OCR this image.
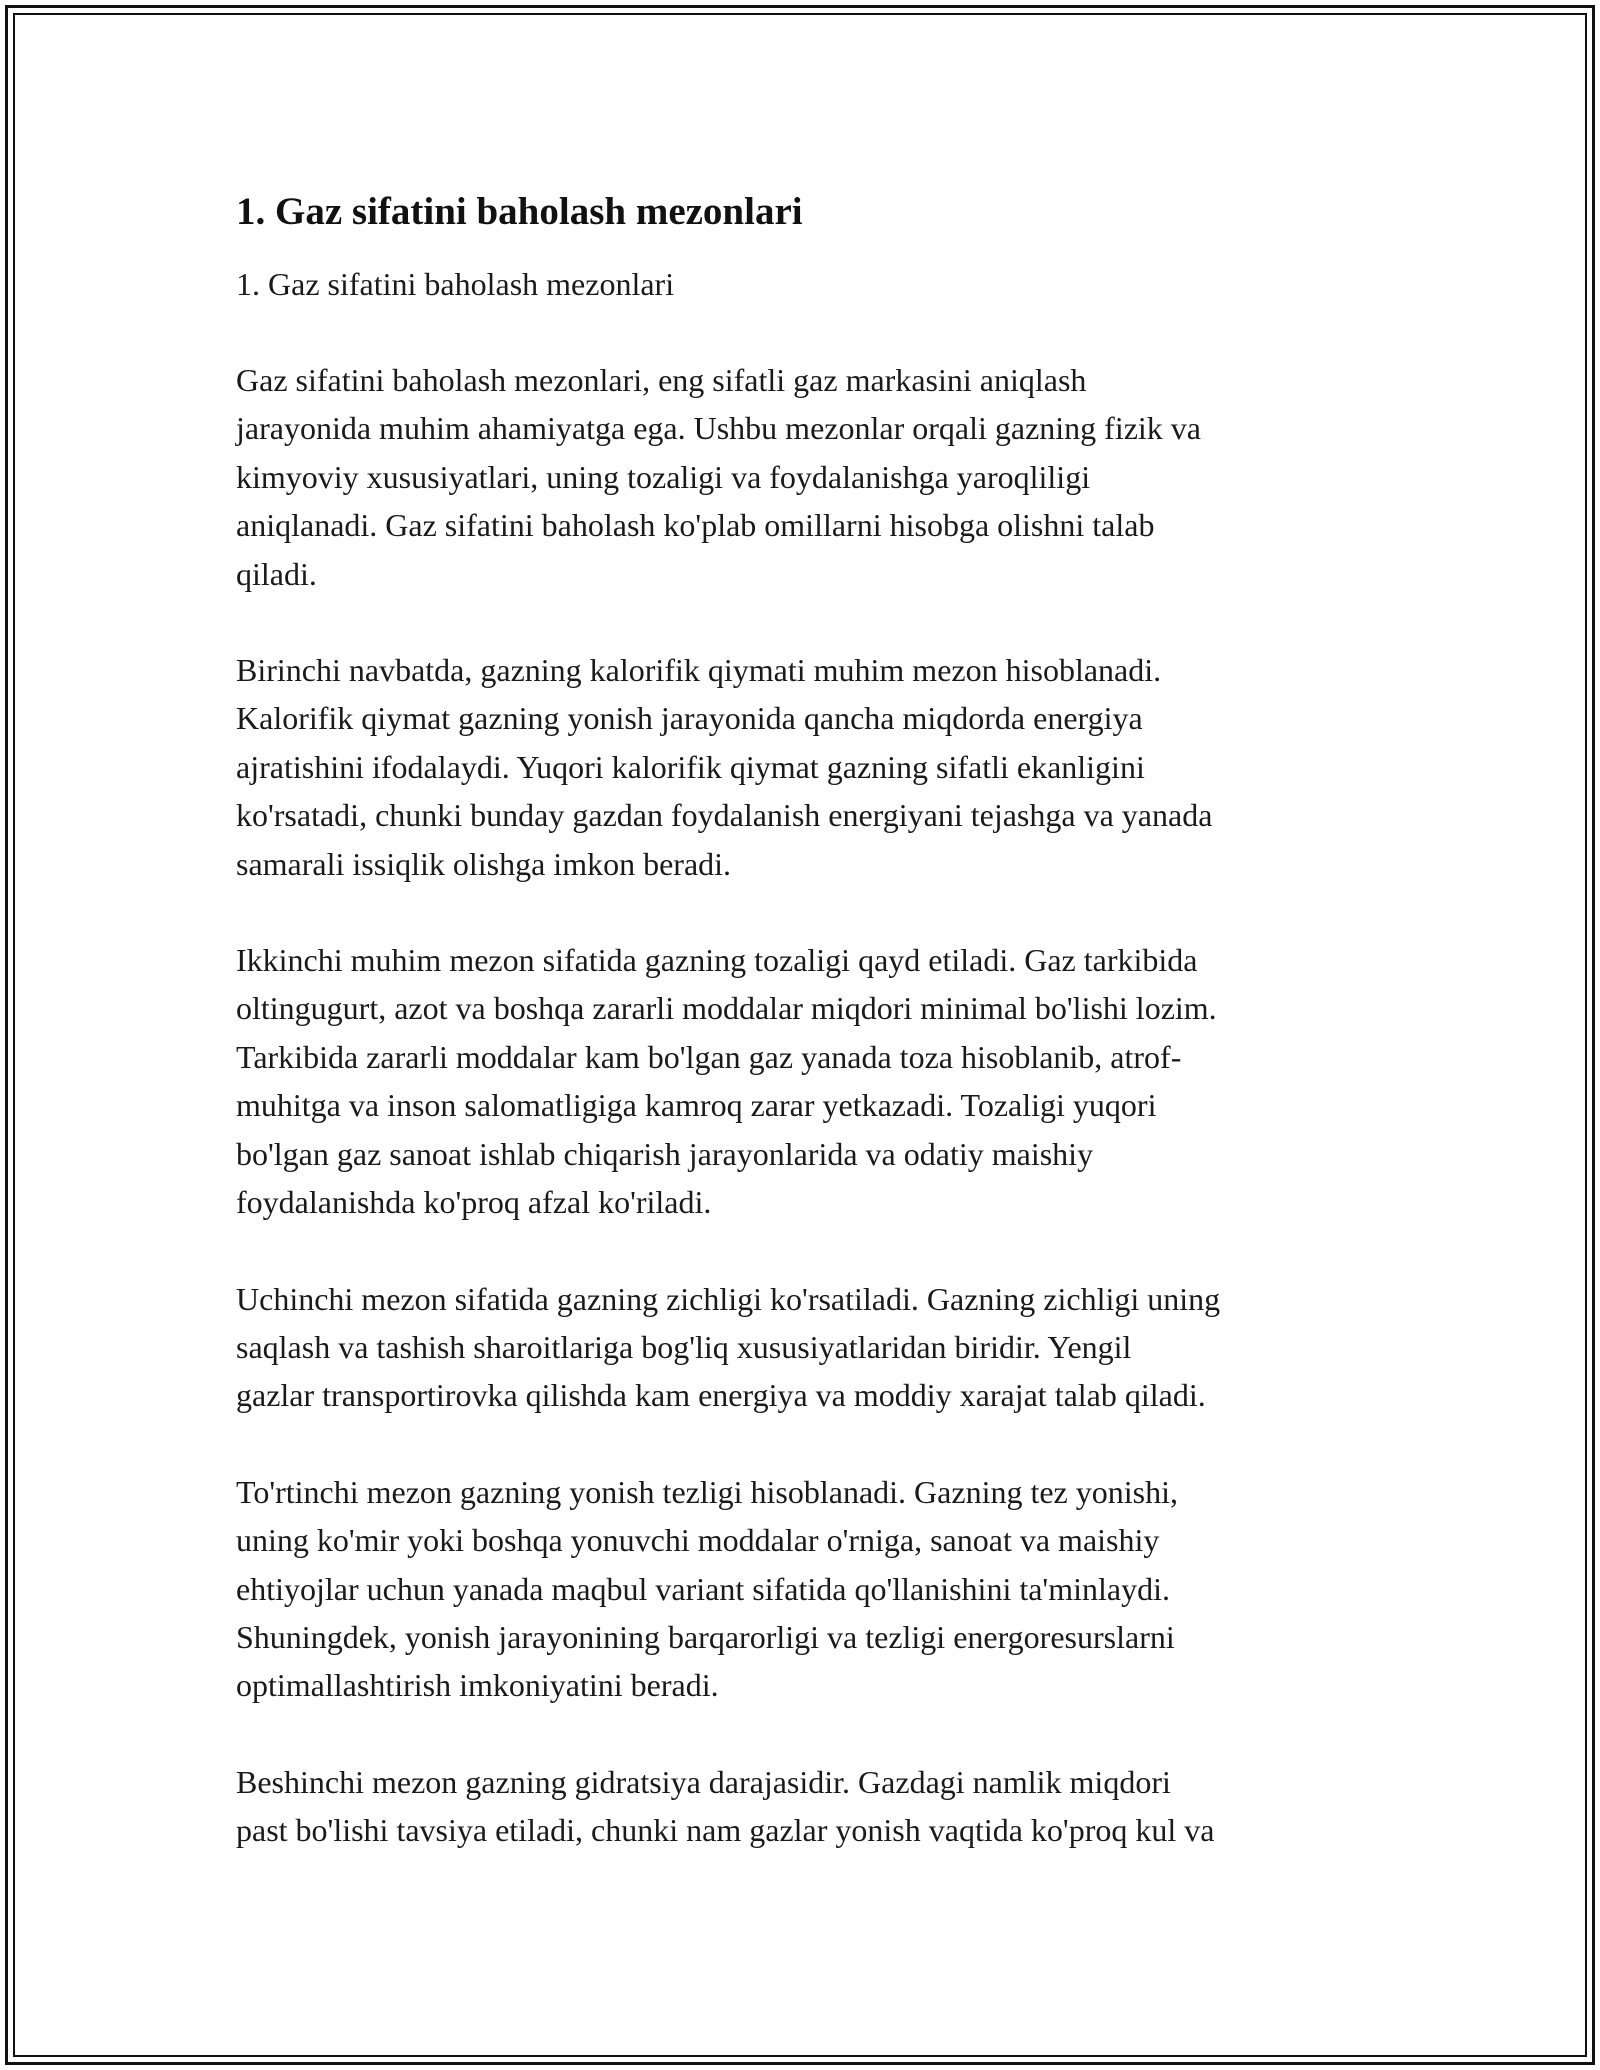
1. Gaz sifatini baholash mezonlari

1. Gaz sifatini baholash mezonlari

Gaz sifatini baholash mezonlari, eng sifatli gaz markasini aniqlash
jarayonida muhim ahamiyatga ega. Ushbu mezonlar orqali gazning fizik va
kimyoviy xususiyatlari, uning tozaligi va foydalanishga yaroqliligi
aniqlanadi. Gaz sifatini baholash ko'plab omillarni hisobga olishni talab
qiladi.

Birinchi navbatda, gazning kalorifik qiymati muhim mezon hisoblanadi.
Kalorifik qiymat gazning yonish jarayonida qancha miqdorda energiya
ajratishini ifodalaydi. Yuqori kalorifik qiymat gazning sifatli ekanligini
ko'rsatadi, chunki bunday gazdan foydalanish energiyani tejashga va yanada
samarali issiqlik olishga imkon beradi.

Ikkinchi muhim mezon sifatida gazning tozaligi qayd etiladi. Gaz tarkibida
oltingugurt, azot va boshqa zararli moddalar miqdori minimal bo'lishi lozim.
Tarkibida zararli moddalar kam bo'lgan gaz yanada toza hisoblanib, atrof-
muhitga va inson salomatligiga kamroq zarar yetkazadi. Tozaligi yuqori
bo'lgan gaz sanoat ishlab chiqarish jarayonlarida va odatiy maishiy
foydalanishda ko'proq afzal ko'riladi.

Uchinchi mezon sifatida gazning zichligi ko'rsatiladi. Gazning zichligi uning
saqlash va tashish sharoitlariga bog'liq xususiyatlaridan biridir. Yengil
gazlar transportirovka qilishda kam energiya va moddiy xarajat talab qiladi.

To'rtinchi mezon gazning yonish tezligi hisoblanadi. Gazning tez yonishi,
uning ko'mir yoki boshqa yonuvchi moddalar o'rniga, sanoat va maishiy
ehtiyojlar uchun yanada maqbul variant sifatida qo'llanishini ta'minlaydi.
Shuningdek, yonish jarayonining barqarorligi va tezligi energoresurslarni
optimallashtirish imkoniyatini beradi.

Beshinchi mezon gazning gidratsiya darajasidir. Gazdagi namlik miqdori
past bo'lishi tavsiya etiladi, chunki nam gazlar yonish vaqtida ko'proq kul va
